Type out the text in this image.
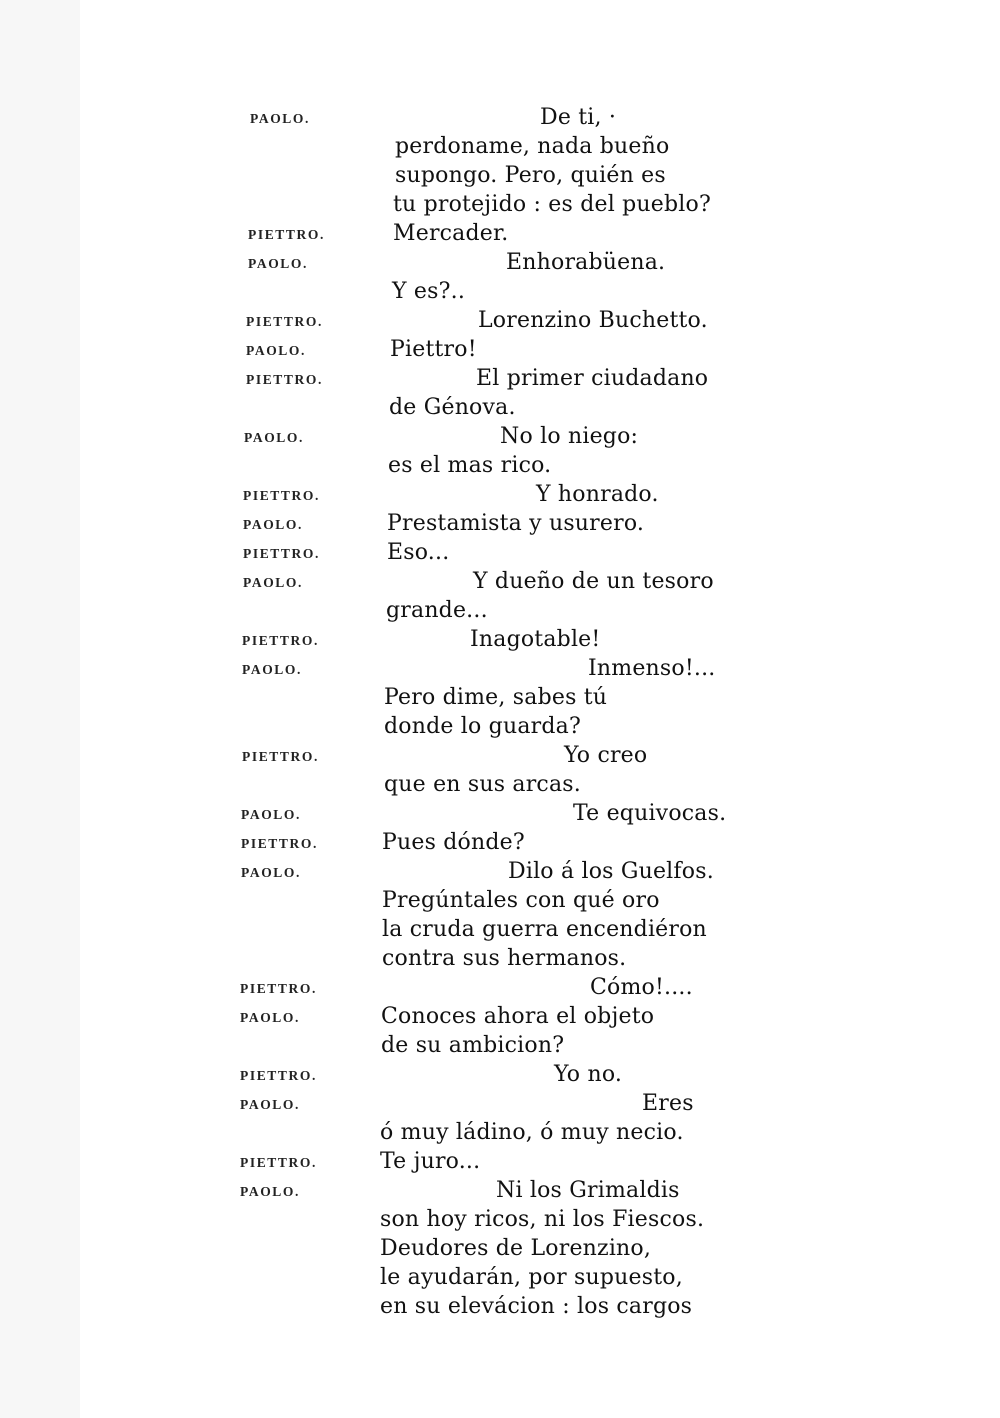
PAOLO.	De ti, ·
perdoname, nada bueño
supongo. Pero, quién es
tu protejido : es del pueblo?
PIETTRO.	Mercader.
PAOLO.	Enhorabüena.
Y es?..
PIETTRO.	Lorenzino Buchetto.
PAOLO.	Piettro!
PIETTRO.	El primer ciudadano
de Génova.
PAOLO.	No lo niego:
es el mas rico.
PIETTRO.	Y honrado.
PAOLO.	Prestamista y usurero.
PIETTRO.	Eso...
PAOLO.	Y dueño de un tesoro
grande...
PIETTRO.	Inagotable!
PAOLO.	Inmenso!...
Pero dime, sabes tú
donde lo guarda?
PIETTRO.	Yo creo
que en sus arcas.
PAOLO.	Te equivocas.
PIETTRO.	Pues dónde?
PAOLO.	Dilo á los Guelfos.
Pregúntales con qué oro
la cruda guerra encendiéron
contra sus hermanos.
PIETTRO.	Cómo!....
PAOLO.	Conoces ahora el objeto
de su ambicion?
PIETTRO.	Yo no.
PAOLO.	Eres
ó muy ládino, ó muy necio.
PIETTRO.	Te juro...
PAOLO.	Ni los Grimaldis
son hoy ricos, ni los Fiescos.
Deudores de Lorenzino,
le ayudarán, por supuesto,
en su elevácion : los cargos
